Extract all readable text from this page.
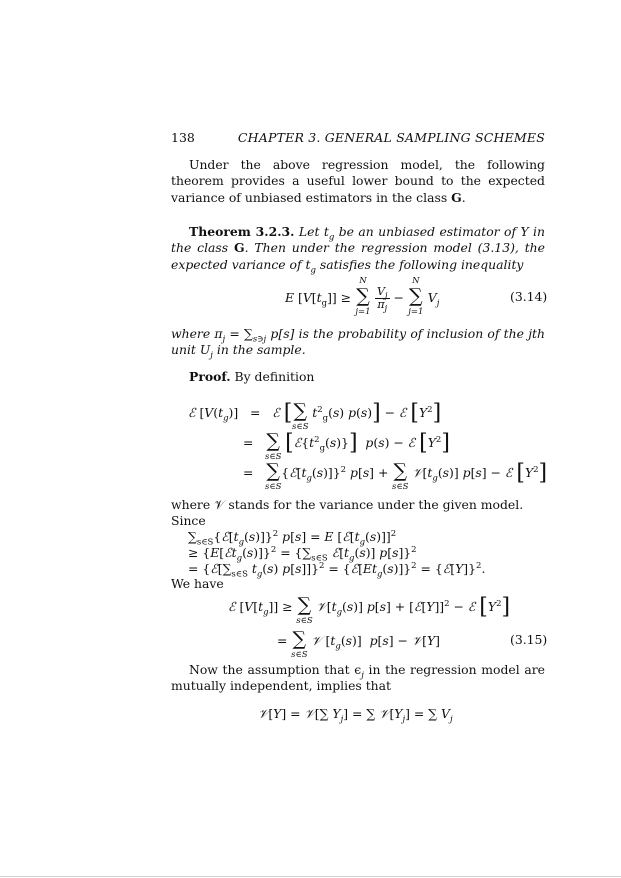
138	CHAPTER 3. GENERAL SAMPLING SCHEMES
Under the above regression model, the following theorem provides a useful lower bound to the expected variance of unbiased estimators in the class G.
Theorem 3.2.3. Let $t_g$ be an unbiased estimator of Y in the class G. Then under the regression model (3.13), the expected variance of $t_g$ satisfies the following inequality
E $[V[t_g]]$ ≥
N
∑
j=1

$\frac{V_j}{\pi_j}$ −
N
∑
j=1
$V_j$	(3.14)
where $\pi_j = \sum_{s∋j}$ p[s] is the probability of inclusion of the jth unit $U_j$ in the sample.
Proof. By definition
ℰ $[V(t_g)]$   =   ℰ [
s∈S
∑ $t^2_g(s) p(s)$] − ℰ $[Y^2]$
=
s∈S
∑ $[ℰ\{t^2_g(s)\}] p(s)$ − ℰ $[Y^2]$
=
s∈S
$\sum\{ℰ[t_g(s)]\}^2$ p[s] +
s∈S
∑ $𝒱[t_g(s)] p[s]$ − ℰ $[Y^2]$
where 𝒱 stands for the variance under the given model.
Since
$\sum_{s\in S}\{ℰ[t_g(s)]\}^2$ p[s] = E $[ℰ[t_g(s)]]^2$
≥ {E[ℰt$_g$(s)]}$^2$ = {$\sum_{s\in S}$ $ℰ[t_g(s)]$ p[s]}$^2$
= {$ℰ[\sum_{s\in S}$ $t_g(s) p[s]]\}^2$ = $\{ℰ[Et_g(s)]\}^2$ = {ℰ[Y]}$^2$.
We have
ℰ $[V[t_g]]$ ≥
s∈S
∑ $𝒱[t_g(s)] p[s]$ + [ℰ[Y]]$^2$ − ℰ $[Y^2]$
=
s∈S
∑ 𝒱 $[t_g(s)] p[s]$ − 𝒱[Y]	(3.15)
Now the assumption that $\epsilon_j$ in the regression model are mutually independent, implies that
𝒱[Y] = 𝒱[∑ $Y_j$] = ∑ $𝒱[Y_j]$ = ∑ $V_j$
